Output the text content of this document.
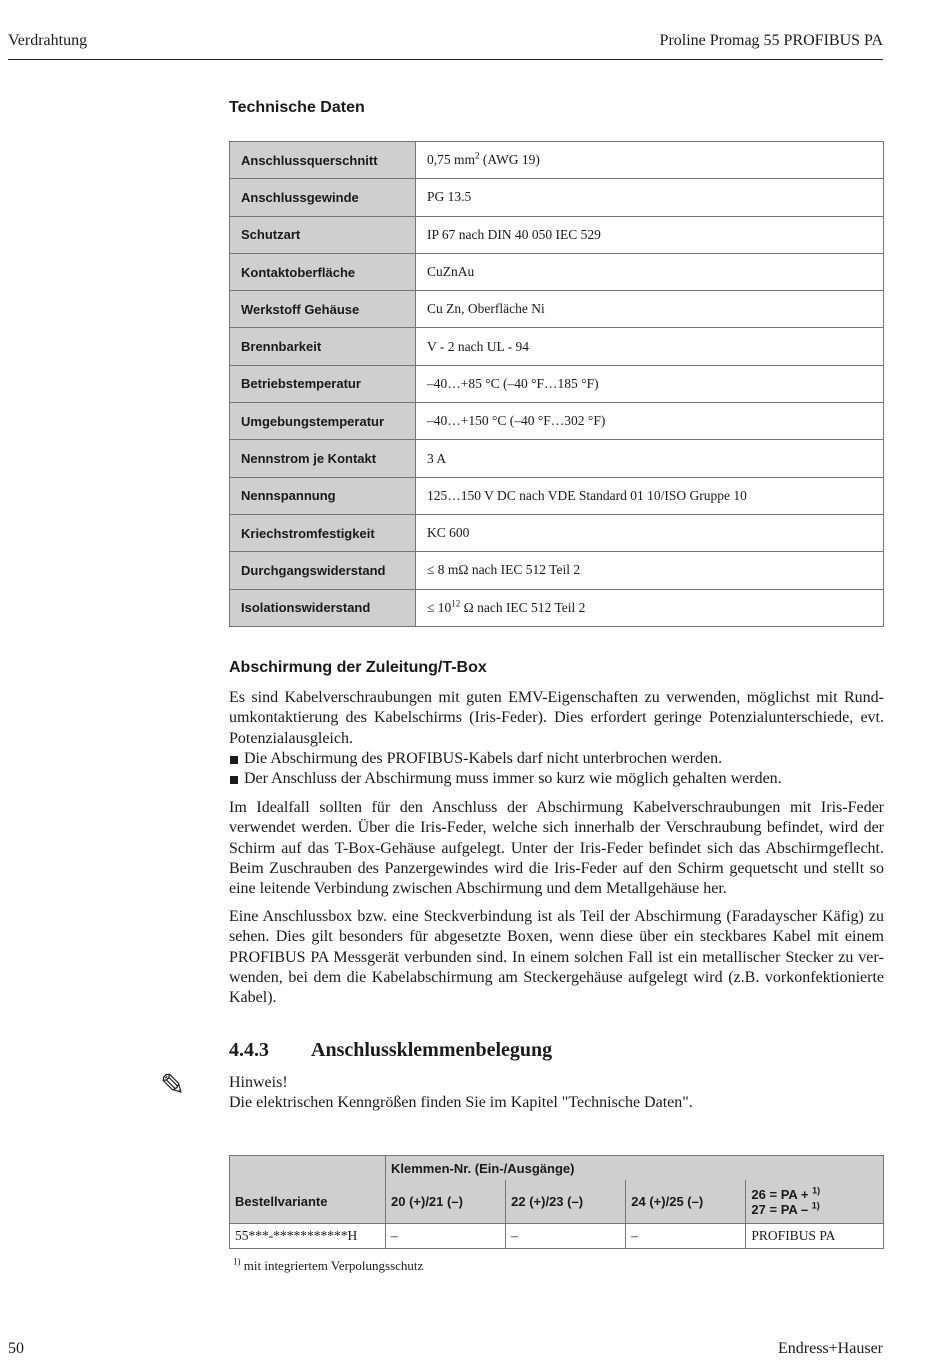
Verdrahtung	Proline Promag 55 PROFIBUS PA
Technische Daten
Anschlussquerschnitt	0,75 $mm^2$ (AWG 19)
Anschlussgewinde	PG 13.5
Schutzart	IP 67 nach DIN 40 050 IEC 529
Kontaktoberfläche	CuZnAu
Werkstoff Gehäuse	Cu Zn, Oberfläche Ni
Brennbarkeit	V - 2 nach UL - 94
Betriebstemperatur	–40…+85 °C (–40 °F…185 °F)
Umgebungstemperatur	–40…+150 °C (–40 °F…302 °F)
Nennstrom je Kontakt	3 A
Nennspannung	125…150 V DC nach VDE Standard 01 10/ISO Gruppe 10
Kriechstromfestigkeit	KC 600
Durchgangswiderstand	≤ 8 mΩ nach IEC 512 Teil 2
Isolationswiderstand	≤ $10^{12}$ Ω nach IEC 512 Teil 2
Abschirmung der Zuleitung/T-Box
Es sind Kabelverschraubungen mit guten EMV-Eigenschaften zu verwenden, möglichst mit Rundumkontaktierung des Kabelschirms (Iris-Feder). Dies erfordert geringe Potenzialunterschiede, evt. Potenzialausgleich.
Die Abschirmung des PROFIBUS-Kabels darf nicht unterbrochen werden.
Der Anschluss der Abschirmung muss immer so kurz wie möglich gehalten werden.
Im Idealfall sollten für den Anschluss der Abschirmung Kabelverschraubungen mit Iris-Feder verwendet werden. Über die Iris-Feder, welche sich innerhalb der Verschraubung befindet, wird der Schirm auf das T-Box-Gehäuse aufgelegt. Unter der Iris-Feder befindet sich das Abschirmgeflecht. Beim Zuschrauben des Panzergewindes wird die Iris-Feder auf den Schirm gequetscht und stellt so eine leitende Verbindung zwischen Abschirmung und dem Metallgehäuse her.
Eine Anschlussbox bzw. eine Steckverbindung ist als Teil der Abschirmung (Faradayscher Käfig) zu sehen. Dies gilt besonders für abgesetzte Boxen, wenn diese über ein steckbares Kabel mit einem PROFIBUS PA Messgerät verbunden sind. In einem solchen Fall ist ein metallischer Stecker zu verwenden, bei dem die Kabelabschirmung am Steckergehäuse aufgelegt wird (z.B. vorkonfektionierte Kabel).
4.4.3 Anschlussklemmenbelegung
✎	Hinweis!
Die elektrischen Kenngrößen finden Sie im Kapitel "Technische Daten".
	Klemmen-Nr. (Ein-/Ausgänge)			
Bestellvariante	20 (+)/21 (–)	22 (+)/23 (–)	24 (+)/25 (–)	26 = PA + $^{1)}$
27 = PA – $^{1)}$

55***-***********H	–	–	–	PROFIBUS PA
$^{1)}$ mit integriertem Verpolungsschutz
50	Endress+Hauser
